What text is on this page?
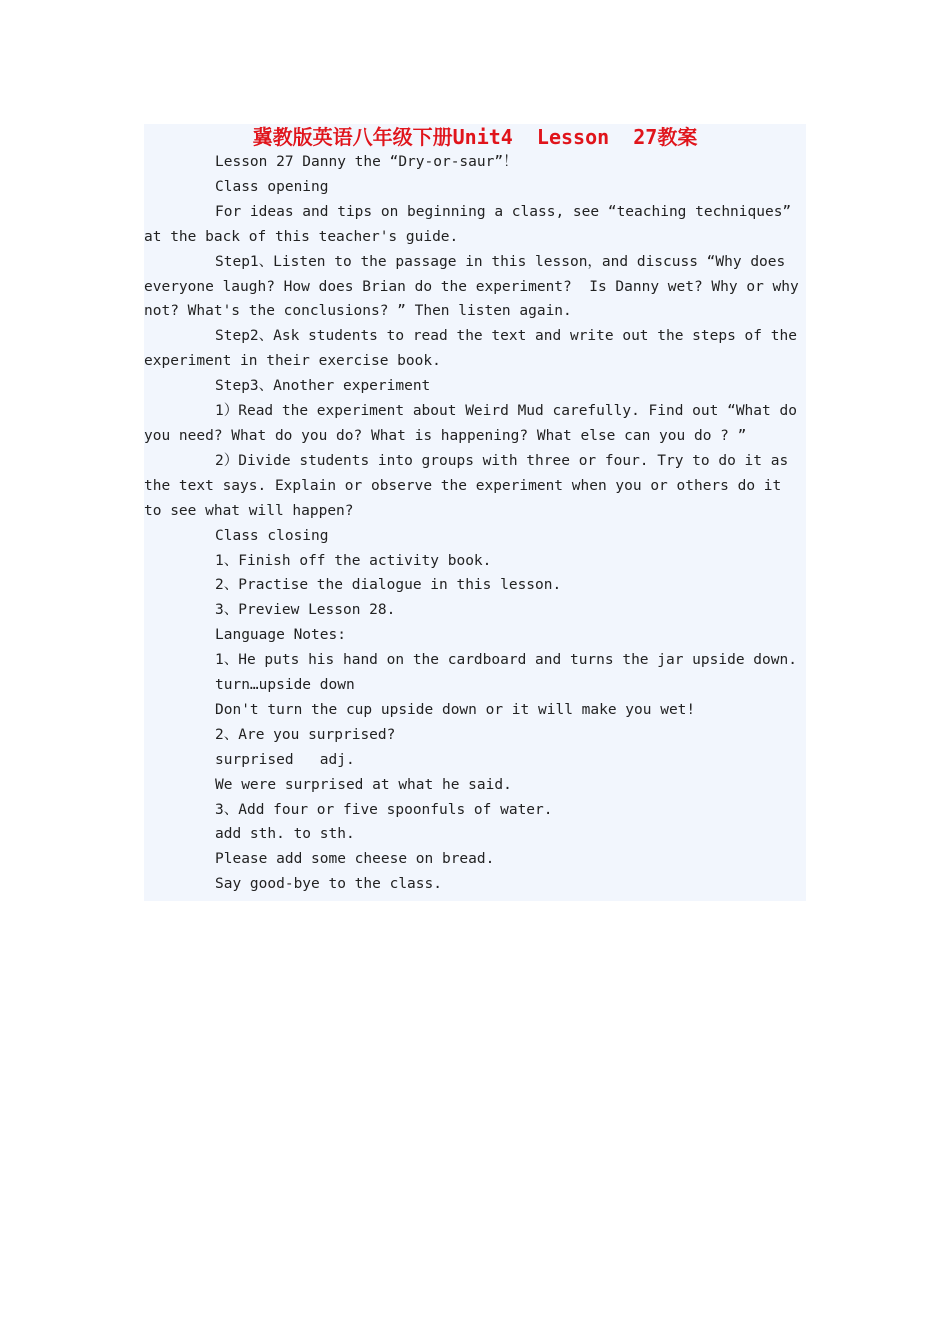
冀教版英语八年级下册Unit4  Lesson  27教案

Lesson 27 Danny the “Dry-or-saur”！

Class opening

For ideas and tips on beginning a class, see “teaching techniques” at the back of this teacher's guide.

Step1、Listen to the passage in this lesson，and discuss “Why does everyone laugh? How does Brian do the experiment?  Is Danny wet? Why or why not? What's the conclusions? ” Then listen again.

Step2、Ask students to read the text and write out the steps of the experiment in their exercise book.

Step3、Another experiment

1）Read the experiment about Weird Mud carefully. Find out “What do you need? What do you do? What is happening? What else can you do ? ”

2）Divide students into groups with three or four. Try to do it as the text says. Explain or observe the experiment when you or others do it to see what will happen?

Class closing

1、Finish off the activity book.

2、Practise the dialogue in this lesson.

3、Preview Lesson 28.

Language Notes:

1、He puts his hand on the cardboard and turns the jar upside down.

turn…upside down

Don't turn the cup upside down or it will make you wet!

2、Are you surprised?

surprised   adj.

We were surprised at what he said.

3、Add four or five spoonfuls of water.

add sth. to sth.

Please add some cheese on bread.

Say good-bye to the class.
